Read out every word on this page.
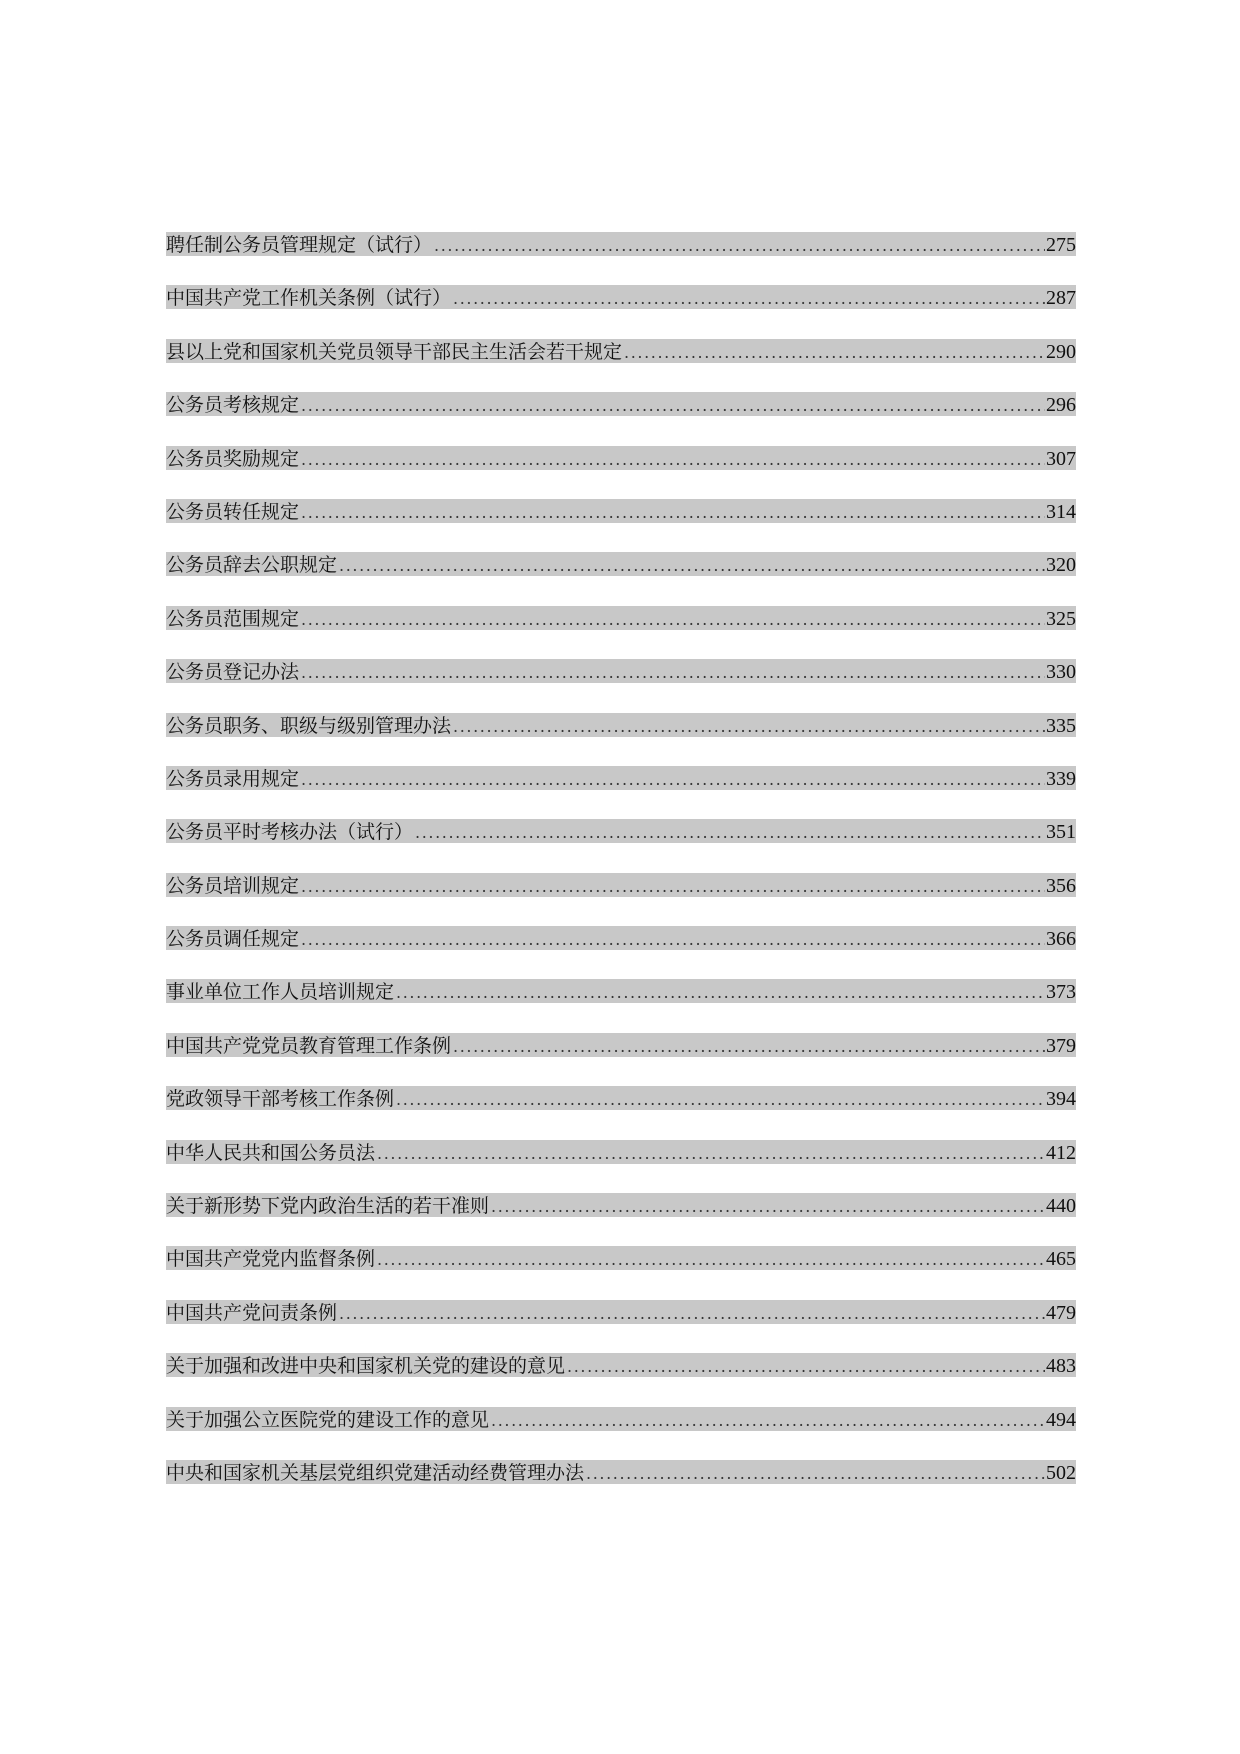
聘任制公务员管理规定（试行） .....	275
中国共产党工作机关条例（试行） .....	287
县以上党和国家机关党员领导干部民主生活会若干规定 .....	290
公务员考核规定 .....	296
公务员奖励规定 .....	307
公务员转任规定 .....	314
公务员辞去公职规定 .....	320
公务员范围规定 .....	325
公务员登记办法 .....	330
公务员职务、职级与级别管理办法 .....	335
公务员录用规定 .....	339
公务员平时考核办法（试行） .....	351
公务员培训规定 .....	356
公务员调任规定 .....	366
事业单位工作人员培训规定 .....	373
中国共产党党员教育管理工作条例 .....	379
党政领导干部考核工作条例 .....	394
中华人民共和国公务员法 .....	412
关于新形势下党内政治生活的若干准则 .....	440
中国共产党党内监督条例 .....	465
中国共产党问责条例 .....	479
关于加强和改进中央和国家机关党的建设的意见 .....	483
关于加强公立医院党的建设工作的意见 .....	494
中央和国家机关基层党组织党建活动经费管理办法 .....	502
